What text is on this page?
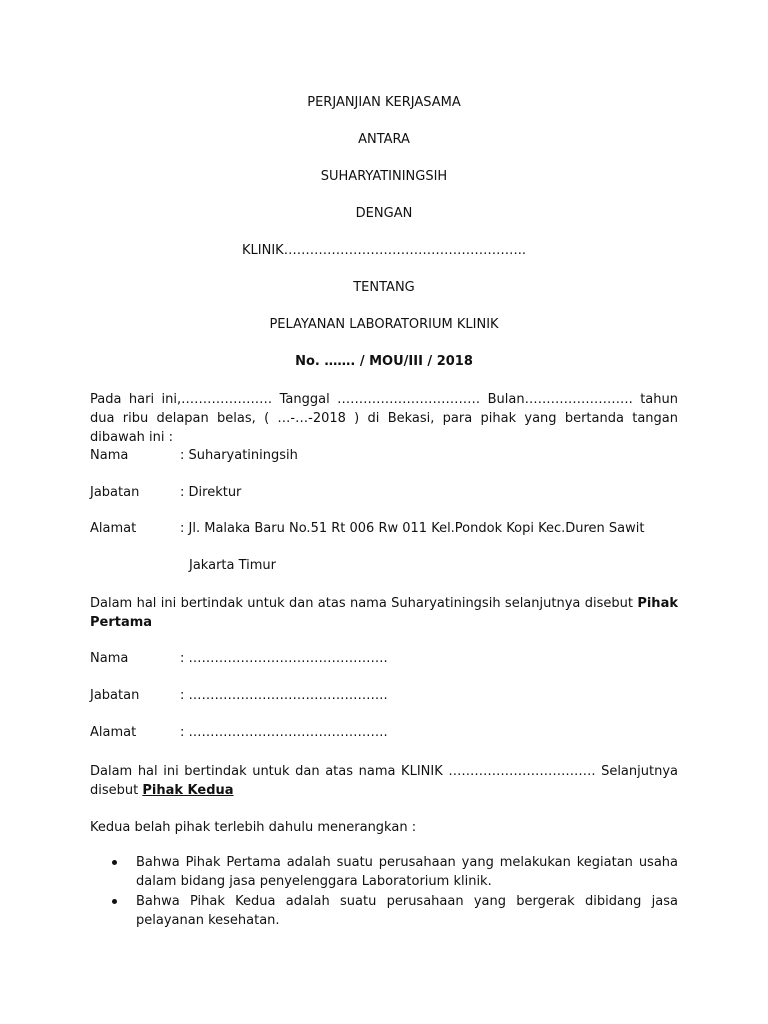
PERJANJIAN KERJASAMA
ANTARA
SUHARYATININGSIH
DENGAN
KLINIK………………………………………………..
TENTANG
PELAYANAN LABORATORIUM KLINIK
No. ……. / MOU/III / 2018
Pada hari ini,………………… Tanggal …………………………… Bulan……………………. tahun dua ribu delapan belas, ( …-…-2018 ) di Bekasi, para pihak yang bertanda tangan dibawah ini :
Nama	: Suharyatiningsih
Jabatan	: Direktur
Alamat	: Jl. Malaka Baru No.51 Rt 006 Rw 011 Kel.Pondok Kopi Kec.Duren Sawit
Jakarta Timur
Dalam hal ini bertindak untuk dan atas nama Suharyatiningsih selanjutnya disebut Pihak Pertama
Nama	: ……………………………………….
Jabatan	: ……………………………………….
Alamat	: ……………………………………….
Dalam hal ini bertindak untuk dan atas nama KLINIK ……………………………. Selanjutnya disebut Pihak Kedua
Kedua belah pihak terlebih dahulu menerangkan :
Bahwa Pihak Pertama adalah suatu perusahaan yang melakukan kegiatan usaha dalam bidang jasa penyelenggara Laboratorium klinik.
Bahwa Pihak Kedua adalah suatu perusahaan yang bergerak dibidang jasa pelayanan kesehatan.
